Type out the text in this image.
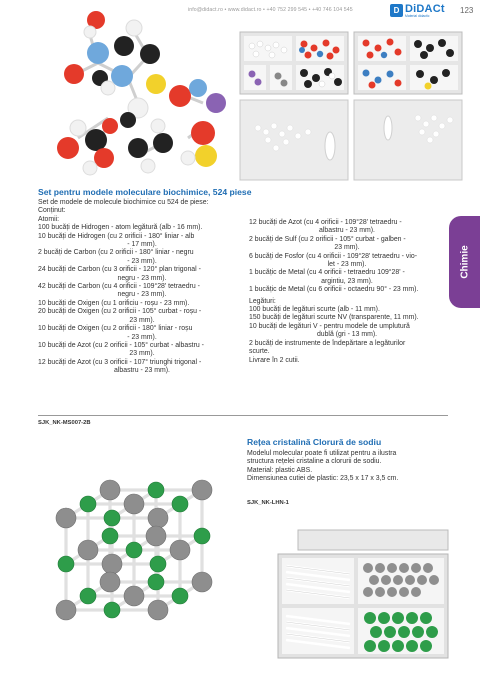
info@didact.ro • www.didact.ro • +40 752 299 545 • +40 746 104 545	D DiDACt
Material didactic
123
Chimie
Set pentru modele moleculare biochimice, 524 piese

Set de modele de molecule biochimice cu 524 de piese:

Conținut:

Atomii:

100 bucăți de Hidrogen - atom legătură (alb - 16 mm).

10 bucăți de Hidrogen (cu 2 orificii - 180° liniar - alb

- 17 mm).

2 bucăți de Carbon (cu 2 orificii - 180° liniar - negru

- 23 mm).

24 bucăți de Carbon (cu 3 orificii - 120° plan trigonal -

negru - 23 mm).

42 bucăți de Carbon (cu 4 orificii - 109°28' tetraedru -

negru - 23 mm).

10 bucăți de Oxigen (cu 1 orificiu - roșu - 23 mm).

20 bucăți de Oxigen (cu 2 orificii - 105° curbat - roșu -

23 mm).

10 bucăți de Oxigen (cu 2 orificii - 180° liniar - roșu

- 23 mm).

10 bucăți de Azot (cu 2 orificii - 105° curbat - albastru -

23 mm).

12 bucăți de Azot (cu 3 orificii - 107° triunghi trigonal -

albastru - 23 mm).

12 bucăți de Azot (cu 4 orificii - 109°28' tetraedru -

albastru - 23 mm).

2 bucăți de Sulf (cu 2 orificii - 105° curbat - galben -

23 mm).

6 bucăți de Fosfor (cu 4 orificii - 109°28' tetraedru - vio-

let - 23 mm).

1 bucățic de Metal (cu 4 orificii - tetraedru 109°28' -

argintiu, 23 mm).

1 bucățic de Metal (cu 6 orificii - octaedru 90° - 23 mm).

Legături:

100 bucăți de legături scurte (alb - 11 mm).

150 bucăți de legături scurte NV (transparente, 11 mm).

10 bucăți de legături V - pentru modele de umplutură

dublă (gri - 13 mm).

2 bucăți de instrumente de îndepărtare a legăturilor

scurte.

Livrare în 2 cutii.

SJK_NK-MS007-2B
Rețea cristalină Clorură de sodiu

Modelul molecular poate fi utilizat pentru a ilustra

structura rețelei cristaline a clorurii de sodiu.

Material: plastic ABS.

Dimensiunea cutiei de plastic: 23,5 x 17 x 3,5 cm.

SJK_NK-LHN-1
